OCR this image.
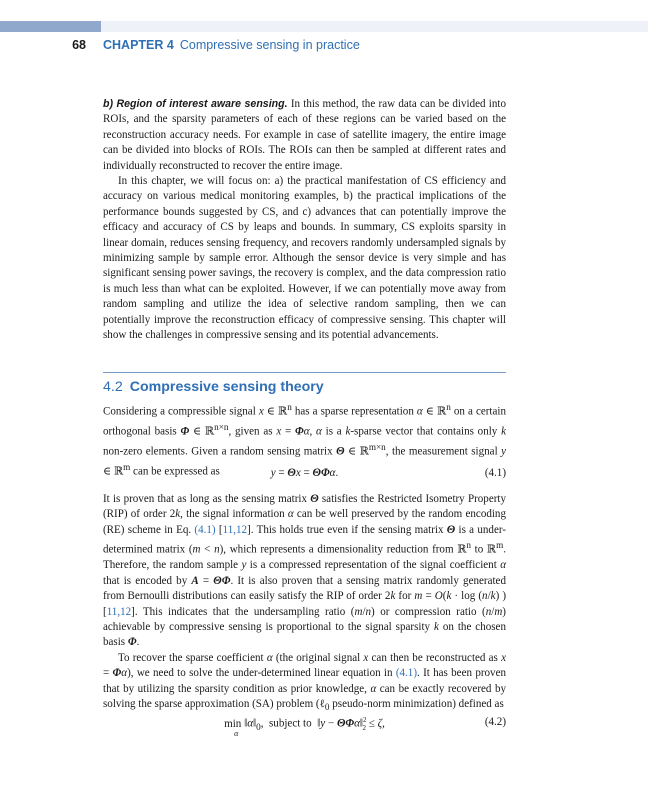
68 CHAPTER 4 Compressive sensing in practice

b) Region of interest aware sensing. In this method, the raw data can be divided into ROIs, and the sparsity parameters of each of these regions can be varied based on the reconstruction accuracy needs. For example in case of satellite imagery, the entire image can be divided into blocks of ROIs. The ROIs can then be sampled at different rates and individually reconstructed to recover the entire image.

In this chapter, we will focus on: a) the practical manifestation of CS efficiency and accuracy on various medical monitoring examples, b) the practical implications of the performance bounds suggested by CS, and c) advances that can potentially improve the efficacy and accuracy of CS by leaps and bounds. In summary, CS exploits sparsity in linear domain, reduces sensing frequency, and recovers randomly undersampled signals by minimizing sample by sample error. Although the sensor device is very simple and has significant sensing power savings, the recovery is complex, and the data compression ratio is much less than what can be exploited. However, if we can potentially move away from random sampling and utilize the idea of selective random sampling, then we can potentially improve the reconstruction efficacy of compressive sensing. This chapter will show the challenges in compressive sensing and its potential advancements.

4.2 Compressive sensing theory

Considering a compressible signal x ∈ ℝ$^n$ has a sparse representation α ∈ ℝ$^n$ on a certain orthogonal basis Φ ∈ ℝ$^{n\times n}$, given as x = Φα, α is a k-sparse vector that contains only k non-zero elements. Given a random sensing matrix Θ ∈ ℝ$^{m\times n}$, the measurement signal y ∈ ℝ$^m$ can be expressed as	y = Θx = ΘΦα.	(4.1)

It is proven that as long as the sensing matrix Θ satisfies the Restricted Isometry Property (RIP) of order 2k, the signal information α can be well preserved by the random encoding (RE) scheme in Eq. (4.1) [11,12]. This holds true even if the sensing matrix Θ is a under-determined matrix (m < n), which represents a dimensionality reduction from ℝ$^n$ to ℝ$^m$. Therefore, the random sample y is a compressed representation of the signal coefficient α that is encoded by A = ΘΦ. It is also proven that a sensing matrix randomly generated from Bernoulli distributions can easily satisfy the RIP of order 2k for m = O(k · log (n/k) ) [11,12]. This indicates that the undersampling ratio (m/n) or compression ratio (n/m) achievable by compressive sensing is proportional to the signal sparsity k on the chosen basis Φ.

To recover the sparse coefficient α (the original signal x can then be reconstructed as x = Φα), we need to solve the under-determined linear equation in (4.1). It has been proven that by utilizing the sparsity condition as prior knowledge, α can be exactly recovered by solving the sparse approximation (SA) problem (ℓ$_0$ pseudo-norm minimization) defined as

min
α
$‖\alpha‖_0$,  subject to  ‖y − ΘΦα‖$^2_2$ ≤ ζ,	(4.2)
